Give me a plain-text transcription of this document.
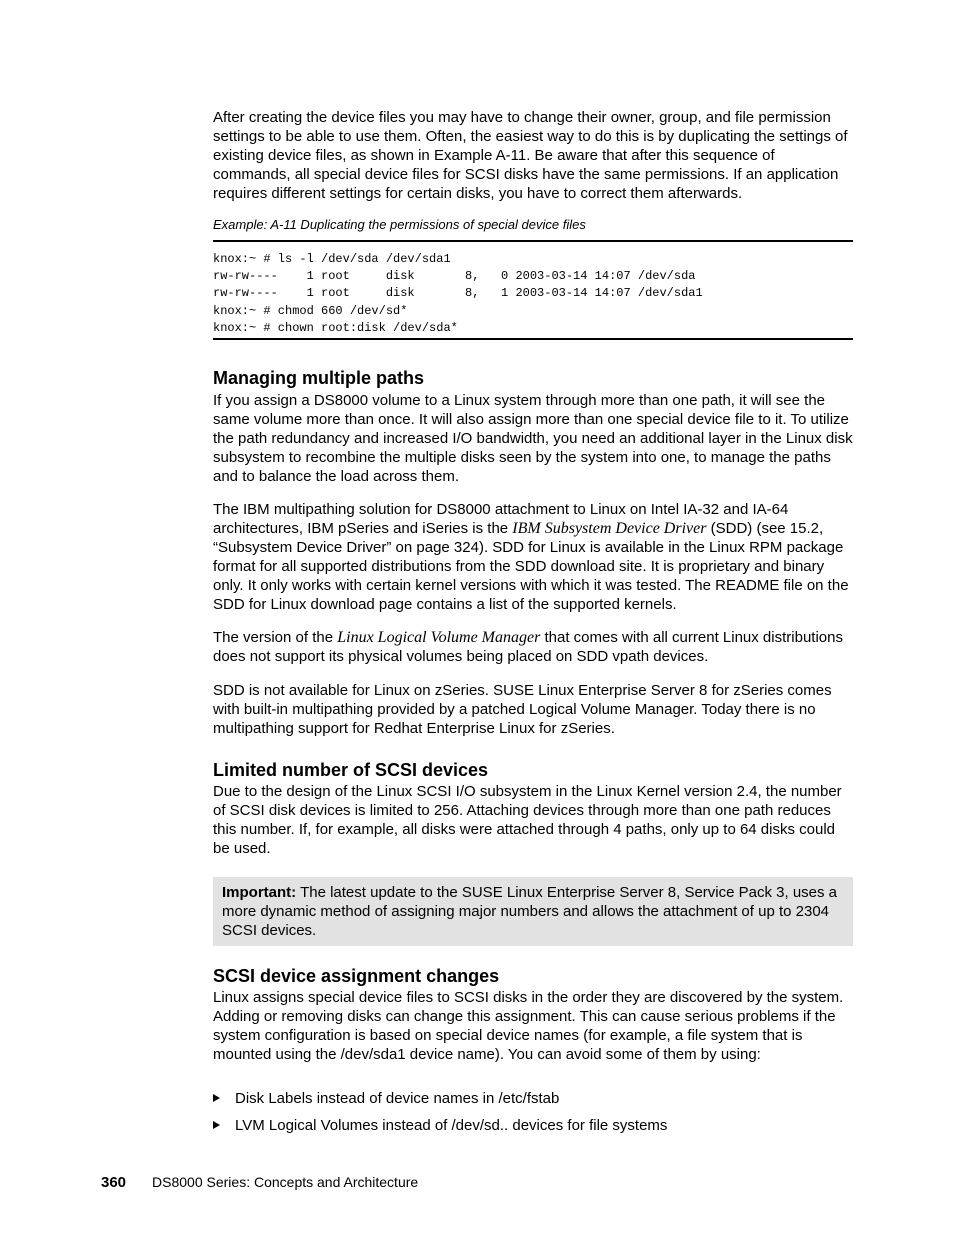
After creating the device files you may have to change their owner, group, and file permission settings to be able to use them. Often, the easiest way to do this is by duplicating the settings of existing device files, as shown in Example A-11. Be aware that after this sequence of commands, all special device files for SCSI disks have the same permissions. If an application requires different settings for certain disks, you have to correct them afterwards.

Example: A-11 Duplicating the permissions of special device files
knox:~ # ls -l /dev/sda /dev/sda1
rw-rw----    1 root     disk       8,   0 2003-03-14 14:07 /dev/sda
rw-rw----    1 root     disk       8,   1 2003-03-14 14:07 /dev/sda1
knox:~ # chmod 660 /dev/sd*
knox:~ # chown root:disk /dev/sda*
Managing multiple paths

If you assign a DS8000 volume to a Linux system through more than one path, it will see the same volume more than once. It will also assign more than one special device file to it. To utilize the path redundancy and increased I/O bandwidth, you need an additional layer in the Linux disk subsystem to recombine the multiple disks seen by the system into one, to manage the paths and to balance the load across them.

The IBM multipathing solution for DS8000 attachment to Linux on Intel IA-32 and IA-64 architectures, IBM pSeries and iSeries is the IBM Subsystem Device Driver (SDD) (see 15.2, “Subsystem Device Driver” on page 324). SDD for Linux is available in the Linux RPM package format for all supported distributions from the SDD download site. It is proprietary and binary only. It only works with certain kernel versions with which it was tested. The README file on the SDD for Linux download page contains a list of the supported kernels.

The version of the Linux Logical Volume Manager that comes with all current Linux distributions does not support its physical volumes being placed on SDD vpath devices.

SDD is not available for Linux on zSeries. SUSE Linux Enterprise Server 8 for zSeries comes with built-in multipathing provided by a patched Logical Volume Manager. Today there is no multipathing support for Redhat Enterprise Linux for zSeries.

Limited number of SCSI devices

Due to the design of the Linux SCSI I/O subsystem in the Linux Kernel version 2.4, the number of SCSI disk devices is limited to 256. Attaching devices through more than one path reduces this number. If, for example, all disks were attached through 4 paths, only up to 64 disks could be used.

Important: The latest update to the SUSE Linux Enterprise Server 8, Service Pack 3, uses a more dynamic method of assigning major numbers and allows the attachment of up to 2304 SCSI devices.
SCSI device assignment changes

Linux assigns special device files to SCSI disks in the order they are discovered by the system. Adding or removing disks can change this assignment. This can cause serious problems if the system configuration is based on special device names (for example, a file system that is mounted using the /dev/sda1 device name). You can avoid some of them by using:

Disk Labels instead of device names in /etc/fstab
LVM Logical Volumes instead of /dev/sd.. devices for file systems
360 DS8000 Series: Concepts and Architecture
